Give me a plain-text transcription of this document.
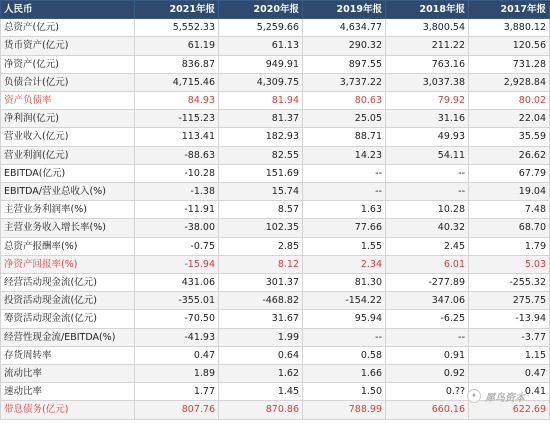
人民币	2021年报	2020年报	2019年报	2018年报	2017年报
总资产(亿元)	5,552.33	5,259.66	4,634.77	3,800.54	3,880.12
货币资产(亿元)	61.19	61.13	290.32	211.22	120.56
净资产(亿元)	836.87	949.91	897.55	763.16	731.28
负债合计(亿元)	4,715.46	4,309.75	3,737.22	3,037.38	2,928.84
资产负债率	84.93	81.94	80.63	79.92	80.02
净利润(亿元)	-115.23	81.37	25.05	31.16	22.04
营业收入(亿元)	113.41	182.93	88.71	49.93	35.59
营业利润(亿元)	-88.63	82.55	14.23	54.11	26.62
EBITDA(亿元)	-10.28	151.69	--	--	67.79
EBITDA/营业总收入(%)	-1.38	15.74	--	--	19.04
主营业务利润率(%)	-11.91	8.57	1.63	10.28	7.48
主营业务收入增长率(%)	-38.00	102.35	77.66	40.32	68.70
总资产报酬率(%)	-0.75	2.85	1.55	2.45	1.79
净资产回报率(%)	-15.94	8.12	2.34	6.01	5.03
经营活动现金流(亿元)	431.06	301.37	81.30	-277.89	-255.32
投资活动现金流(亿元)	-355.01	-468.82	-154.22	347.06	275.75
筹资活动现金流(亿元)	-70.50	31.67	95.94	-6.25	-13.94
经营性现金流/EBITDA(%)	-41.93	1.99	--	--	-3.77
存货周转率	0.47	0.64	0.58	0.91	1.15
流动比率	1.89	1.62	1.66	0.92	0.47
速动比率	1.77	1.45	1.50	0.??	0.41
带息债务(亿元)	807.76	870.86	788.99	660.16	622.69
✦ 犀鸟资本
